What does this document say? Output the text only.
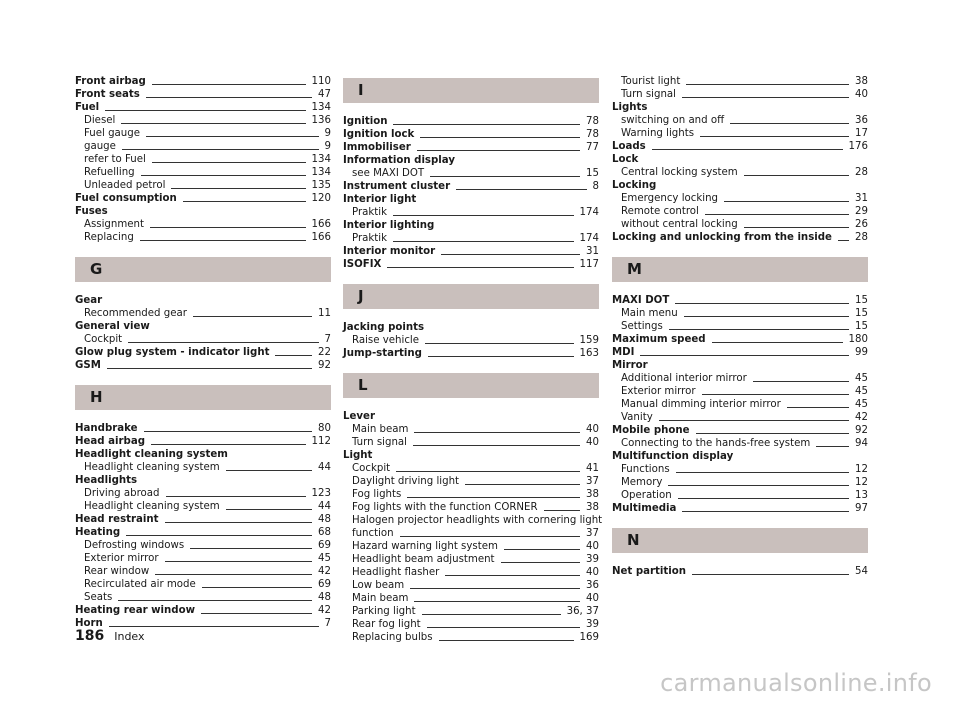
Front airbag	110
Front seats	47
Fuel	134
Diesel	136
Fuel gauge	9
gauge	9
refer to Fuel	134
Refuelling	134
Unleaded petrol	135
Fuel consumption	120
Fuses
Assignment	166
Replacing	166
G
Gear
Recommended gear	11
General view
Cockpit	7
Glow plug system - indicator light	22
GSM	92
H
Handbrake	80
Head airbag	112
Headlight cleaning system
Headlight cleaning system	44
Headlights
Driving abroad	123
Headlight cleaning system	44
Head restraint	48
Heating	68
Defrosting windows	69
Exterior mirror	45
Rear window	42
Recirculated air mode	69
Seats	48
Heating rear window	42
Horn	7
I
Ignition	78
Ignition lock	78
Immobiliser	77
Information display
see MAXI DOT	15
Instrument cluster	8
Interior light
Praktik	174
Interior lighting
Praktik	174
Interior monitor	31
ISOFIX	117
J
Jacking points
Raise vehicle	159
Jump-starting	163
L
Lever
Main beam	40
Turn signal	40
Light
Cockpit	41
Daylight driving light	37
Fog lights	38
Fog lights with the function CORNER	38
Halogen projector headlights with cornering light
function	37
Hazard warning light system	40
Headlight beam adjustment	39
Headlight flasher	40
Low beam	36
Main beam	40
Parking light	36, 37
Rear fog light	39
Replacing bulbs	169
Tourist light	38
Turn signal	40
Lights
switching on and off	36
Warning lights	17
Loads	176
Lock
Central locking system	28
Locking
Emergency locking	31
Remote control	29
without central locking	26
Locking and unlocking from the inside 28
M
MAXI DOT	15
Main menu	15
Settings	15
Maximum speed	180
MDI	99
Mirror
Additional interior mirror	45
Exterior mirror	45
Manual dimming interior mirror	45
Vanity	42
Mobile phone	92
Connecting to the hands-free system	94
Multifunction display
Functions	12
Memory	12
Operation	13
Multimedia	97
N
Net partition	54
186 Index
carmanualsonline.info
